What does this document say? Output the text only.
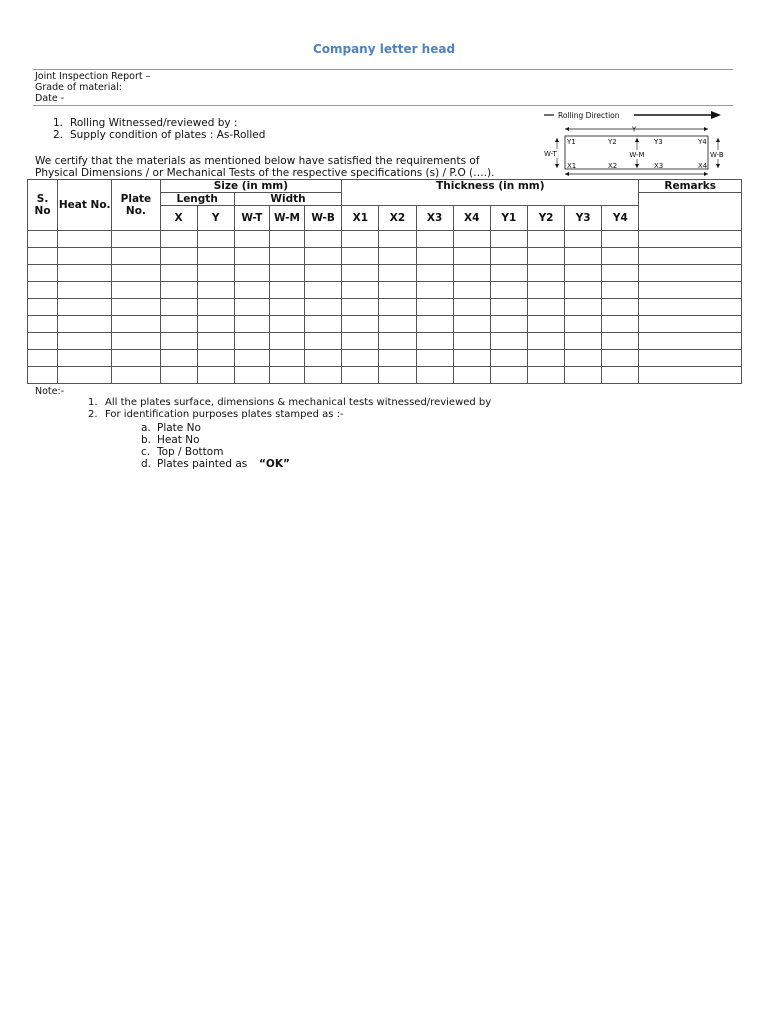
Company letter head
Joint Inspection Report –
Grade of material:
Date -
1. Rolling Witnessed/reviewed by :
2. Supply condition of plates : As-Rolled
We certify that the materials as mentioned below have satisfied the requirements of
Physical Dimensions / or Mechanical Tests of the respective specifications (s) / P.O (….).
Rolling Direction
Y
Y1	Y2	Y3	Y4
X1	X2	X3	X4
W-T	W-M	W-B
S. No	Heat No.	Plate No.	Size (in mm)					Thickness (in mm)								Remarks
			Length		Width											
			X	Y	W-T	W-M	W-B	X1	X2	X3	X4	Y1	Y2	Y3	Y4	

Note:-
1. All the plates surface, dimensions & mechanical tests witnessed/reviewed by
2. For identification purposes plates stamped as :-
a. Plate No
b. Heat No
c. Top / Bottom
d. Plates painted as “OK”
